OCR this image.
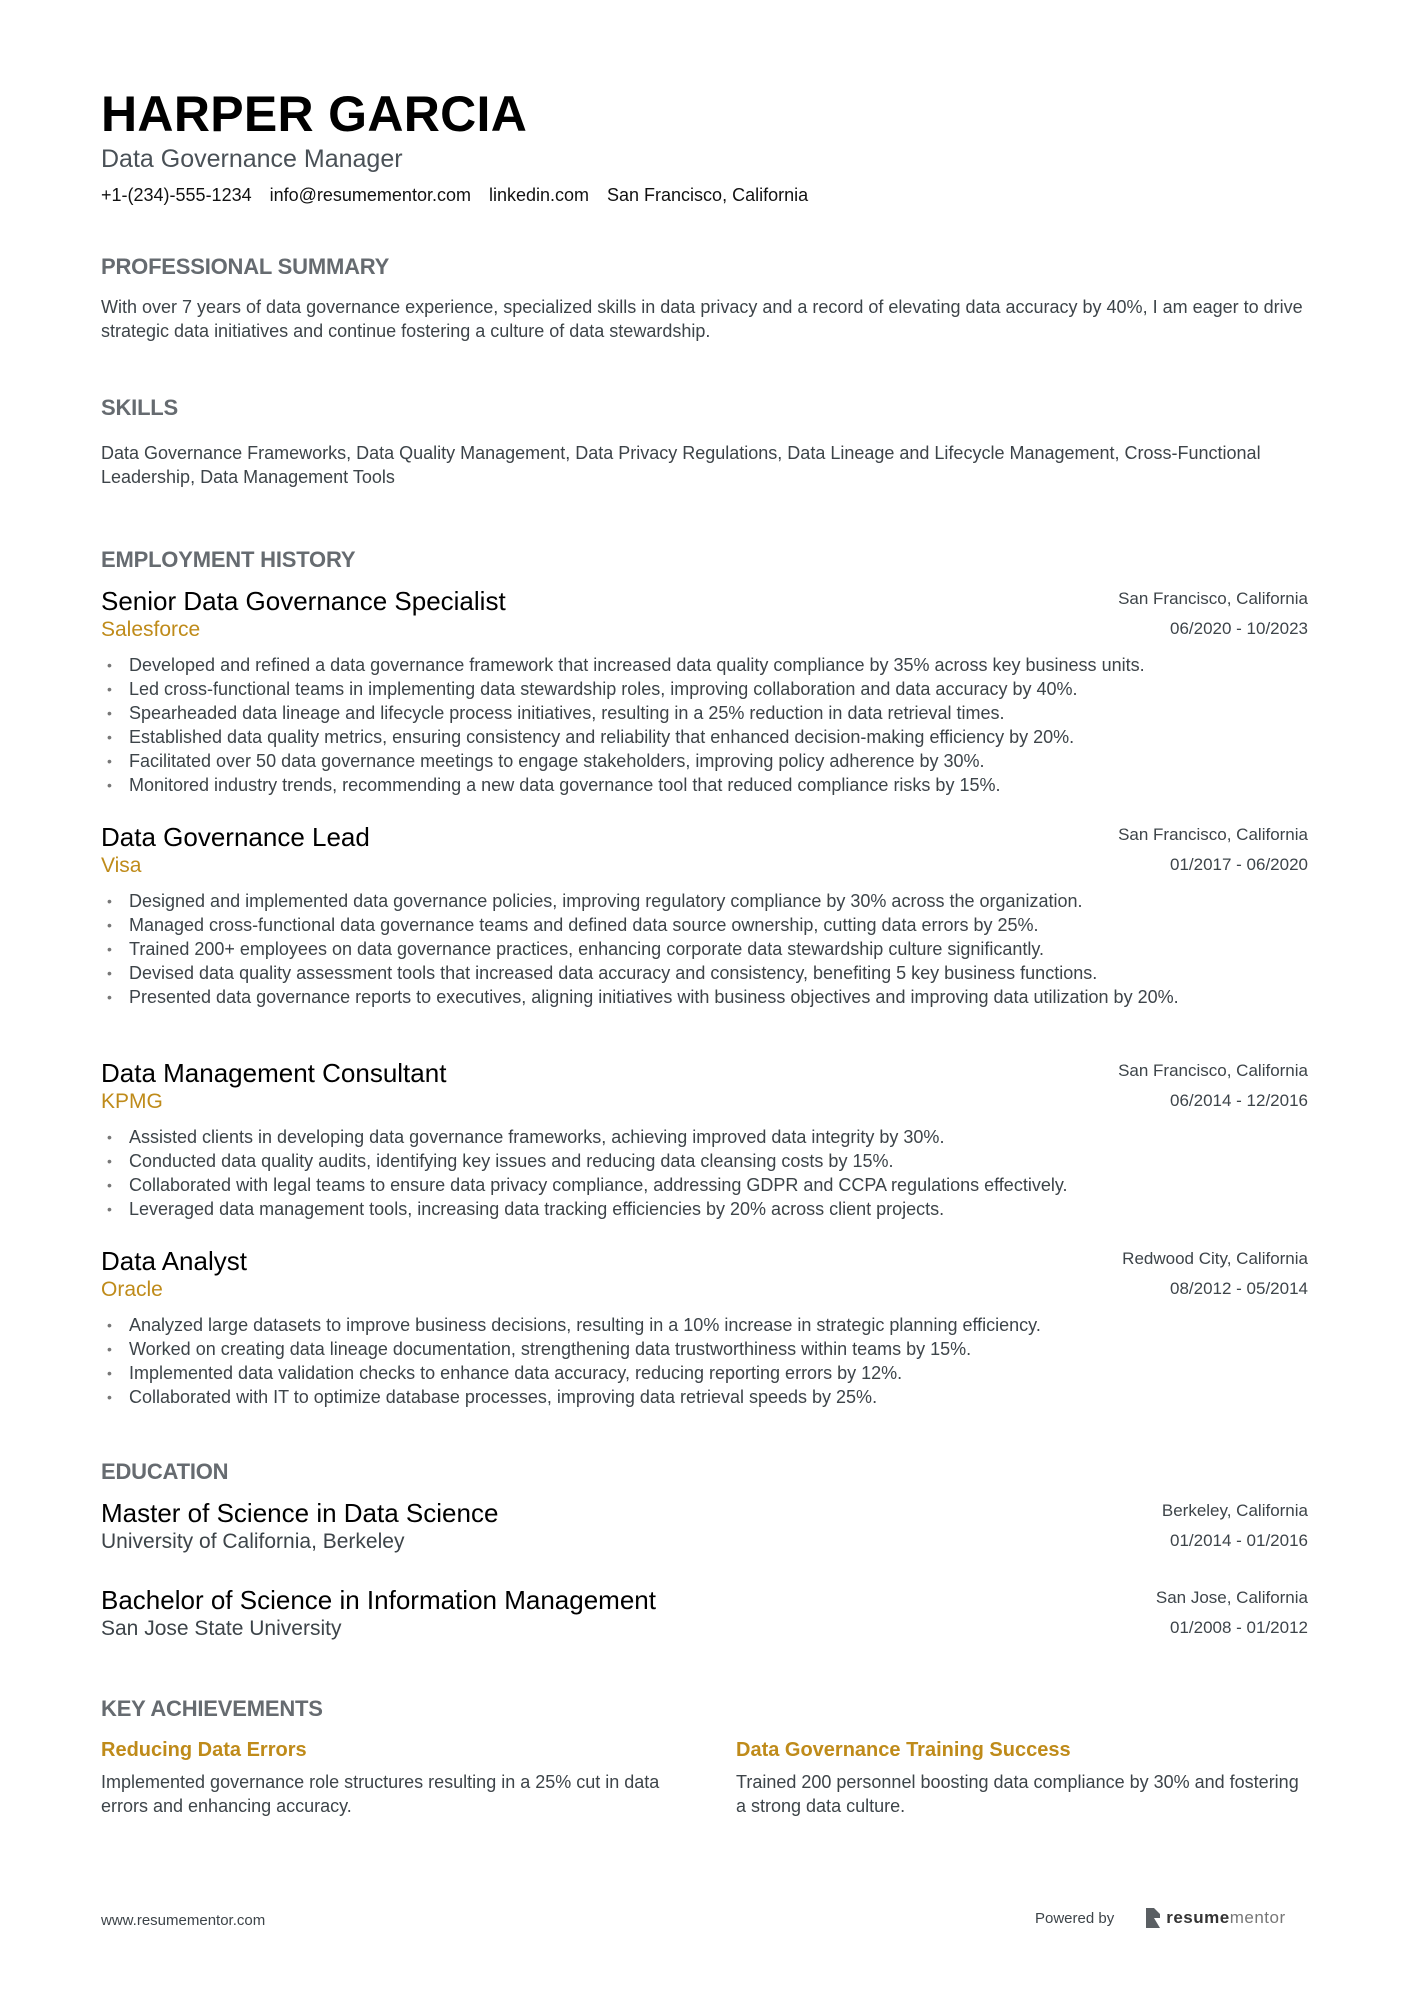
HARPER GARCIA
Data Governance Manager
+1-(234)-555-1234 info@resumementor.com linkedin.com San Francisco, California
PROFESSIONAL SUMMARY
With over 7 years of data governance experience, specialized skills in data privacy and a record of elevating data accuracy by 40%, I am eager to drive strategic data initiatives and continue fostering a culture of data stewardship.
SKILLS
Data Governance Frameworks, Data Quality Management, Data Privacy Regulations, Data Lineage and Lifecycle Management, Cross-Functional Leadership, Data Management Tools
EMPLOYMENT HISTORY
Senior Data Governance Specialist
Salesforce
San Francisco, California
06/2020 - 10/2023
• Developed and refined a data governance framework that increased data quality compliance by 35% across key business units.
• Led cross-functional teams in implementing data stewardship roles, improving collaboration and data accuracy by 40%.
• Spearheaded data lineage and lifecycle process initiatives, resulting in a 25% reduction in data retrieval times.
• Established data quality metrics, ensuring consistency and reliability that enhanced decision-making efficiency by 20%.
• Facilitated over 50 data governance meetings to engage stakeholders, improving policy adherence by 30%.
• Monitored industry trends, recommending a new data governance tool that reduced compliance risks by 15%.
Data Governance Lead
Visa
San Francisco, California
01/2017 - 06/2020
• Designed and implemented data governance policies, improving regulatory compliance by 30% across the organization.
• Managed cross-functional data governance teams and defined data source ownership, cutting data errors by 25%.
• Trained 200+ employees on data governance practices, enhancing corporate data stewardship culture significantly.
• Devised data quality assessment tools that increased data accuracy and consistency, benefiting 5 key business functions.
• Presented data governance reports to executives, aligning initiatives with business objectives and improving data utilization by 20%.
Data Management Consultant
KPMG
San Francisco, California
06/2014 - 12/2016
• Assisted clients in developing data governance frameworks, achieving improved data integrity by 30%.
• Conducted data quality audits, identifying key issues and reducing data cleansing costs by 15%.
• Collaborated with legal teams to ensure data privacy compliance, addressing GDPR and CCPA regulations effectively.
• Leveraged data management tools, increasing data tracking efficiencies by 20% across client projects.
Data Analyst
Oracle
Redwood City, California
08/2012 - 05/2014
• Analyzed large datasets to improve business decisions, resulting in a 10% increase in strategic planning efficiency.
• Worked on creating data lineage documentation, strengthening data trustworthiness within teams by 15%.
• Implemented data validation checks to enhance data accuracy, reducing reporting errors by 12%.
• Collaborated with IT to optimize database processes, improving data retrieval speeds by 25%.
EDUCATION
Master of Science in Data Science
University of California, Berkeley
Berkeley, California
01/2014 - 01/2016
Bachelor of Science in Information Management
San Jose State University
San Jose, California
01/2008 - 01/2012
KEY ACHIEVEMENTS
Reducing Data Errors
Implemented governance role structures resulting in a 25% cut in data errors and enhancing accuracy.
Data Governance Training Success
Trained 200 personnel boosting data compliance by 30% and fostering a strong data culture.
www.resumementor.com	Powered by	resumementor
